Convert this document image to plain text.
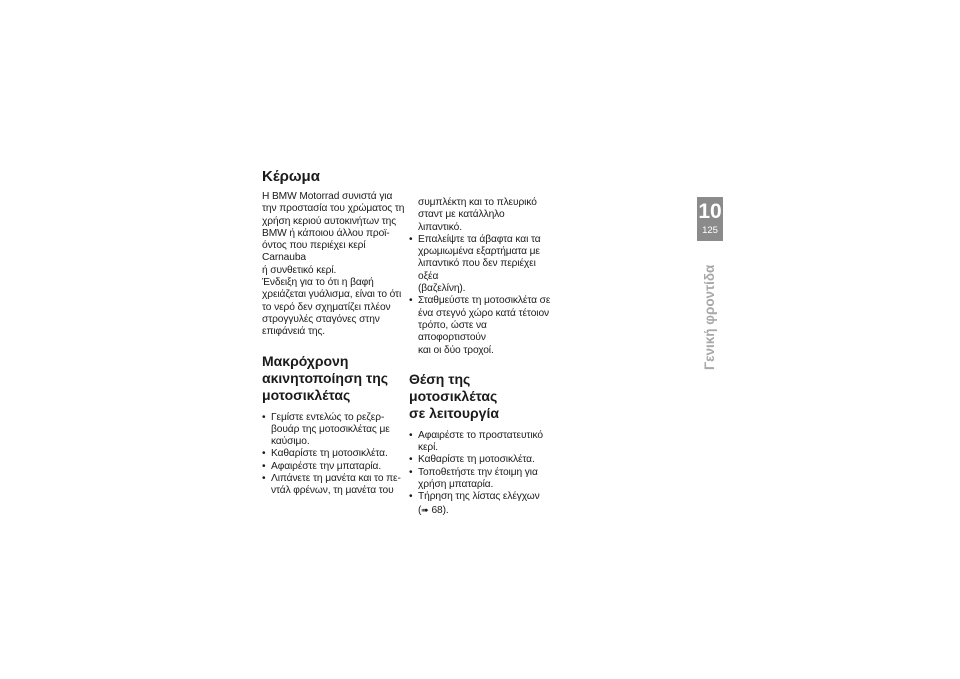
Κέρωμα

Η BMW Motorrad συνιστά για
την προστασία του χρώματος τη
χρήση κεριού αυτοκινήτων της
BMW ή κάποιου άλλου προϊ-
όντος που περιέχει κερί Carnauba
ή συνθετικό κερί.
Ένδειξη για το ότι η βαφή
χρειάζεται γυάλισμα, είναι το ότι
το νερό δεν σχηματίζει πλέον
στρογγυλές σταγόνες στην
επιφάνειά της.

Μακρόχρονη
ακινητοποίηση της
μοτοσικλέτας
• Γεμίστε εντελώς το ρεζερ-
βουάρ της μοτοσικλέτας με
καύσιμο.
• Καθαρίστε τη μοτοσικλέτα.
• Αφαιρέστε την μπαταρία.
• Λιπάνετε τη μανέτα και το πε-
ντάλ φρένων, τη μανέτα του
συμπλέκτη και το πλευρικό
σταντ με κατάλληλο λιπαντικό.
• Επαλείψτε τα άβαφτα και τα
χρωμιωμένα εξαρτήματα με
λιπαντικό που δεν περιέχει οξέα
(βαζελίνη).
• Σταθμεύστε τη μοτοσικλέτα σε
ένα στεγνό χώρο κατά τέτοιον
τρόπο, ώστε να αποφορτιστούν
και οι δύο τροχοί.
Θέση της μοτοσικλέτας
σε λειτουργία
• Αφαιρέστε το προστατευτικό
κερί.
• Καθαρίστε τη μοτοσικλέτα.
• Τοποθετήστε την έτοιμη για
χρήση μπαταρία.
• Τήρηση της λίστας ελέγχων
(➠ 68).
10
125
Γενική φροντίδα
